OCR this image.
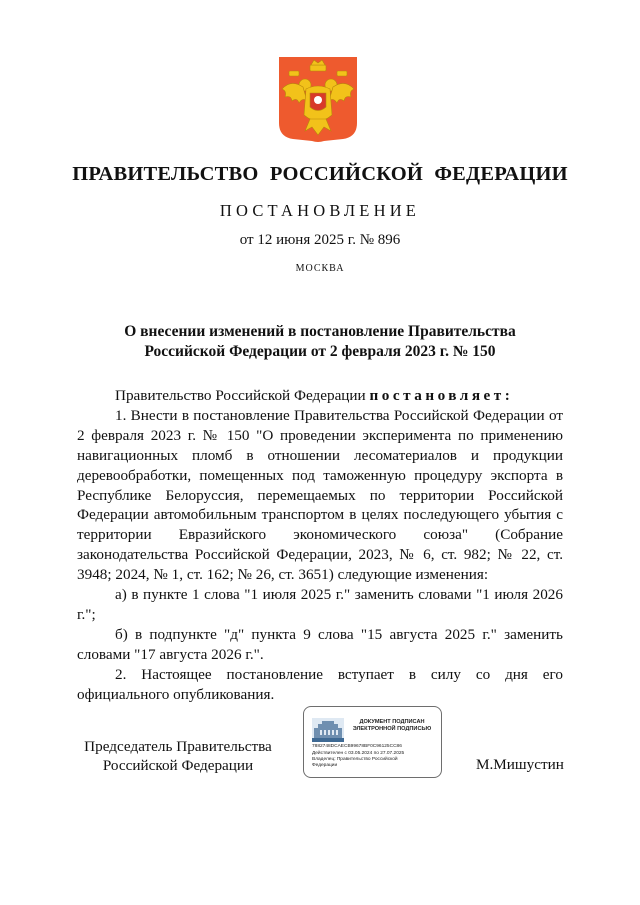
ПРАВИТЕЛЬСТВО РОССИЙСКОЙ ФЕДЕРАЦИИ
ПОСТАНОВЛЕНИЕ
от 12 июня 2025 г. № 896
МОСКВА
О внесении изменений в постановление Правительства
Российской Федерации от 2 февраля 2023 г. № 150

Правительство Российской Федерации постановляет:

1. Внести в постановление Правительства Российской Федерации от 2 февраля 2023 г. № 150 "О проведении эксперимента по применению навигационных пломб в отношении лесоматериалов и продукции деревообработки, помещенных под таможенную процедуру экспорта в Республике Белоруссия, перемещаемых по территории Российской Федерации автомобильным транспортом в целях последующего убытия с территории Евразийского экономического союза" (Собрание законодательства Российской Федерации, 2023, № 6, ст. 982; № 22, ст. 3948; 2024, № 1, ст. 162; № 26, ст. 3651) следующие изменения:

а) в пункте 1 слова "1 июля 2025 г." заменить словами "1 июля 2026 г.";

б) в подпункте "д" пункта 9 слова "15 августа 2025 г." заменить словами "17 августа 2026 г.".

2. Настоящее постановление вступает в силу со дня его официального опубликования.

Председатель Правительства
Российской Федерации
ДОКУМЕНТ ПОДПИСАН
ЭЛЕКТРОННОЙ ПОДПИСЬЮ
7882748DCAECB99678BF0C96125CC86
Действителен с 03.05.2024 по 27.07.2025
Владелец: Правительство Российской
Федерации	М.Мишустин
